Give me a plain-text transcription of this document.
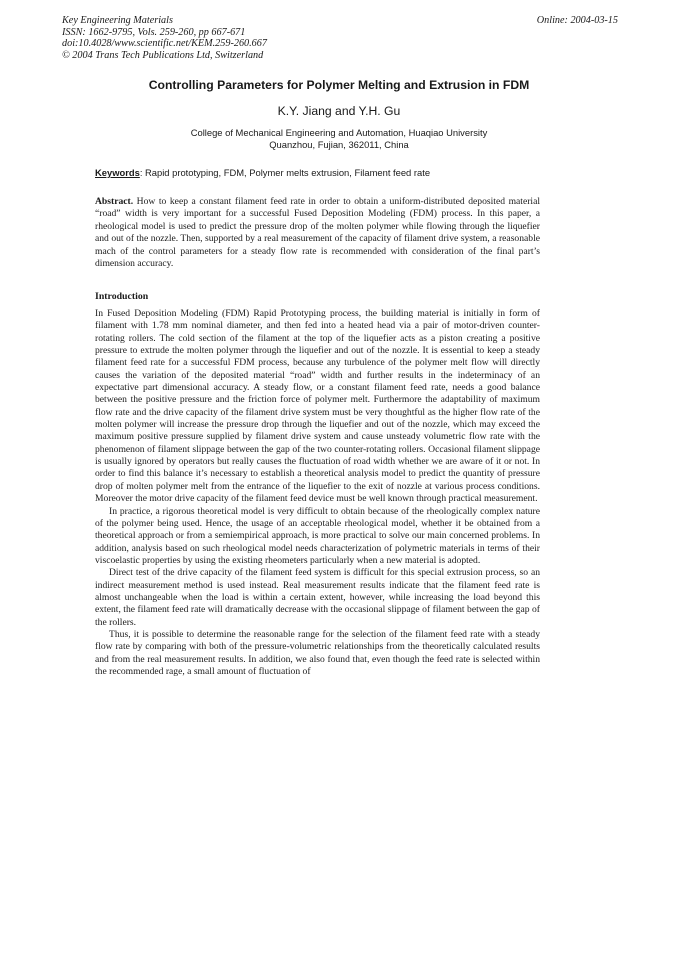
Key Engineering Materials
ISSN: 1662-9795, Vols. 259-260, pp 667-671
doi:10.4028/www.scientific.net/KEM.259-260.667
© 2004 Trans Tech Publications Ltd, Switzerland
Online: 2004-03-15
Controlling Parameters for Polymer Melting and Extrusion in FDM
K.Y. Jiang and Y.H. Gu
College of Mechanical Engineering and Automation, Huaqiao University
Quanzhou, Fujian, 362011, China
Keywords: Rapid prototyping, FDM, Polymer melts extrusion, Filament feed rate
Abstract. How to keep a constant filament feed rate in order to obtain a uniform-distributed deposited material “road” width is very important for a successful Fused Deposition Modeling (FDM) process. In this paper, a rheological model is used to predict the pressure drop of the molten polymer while flowing through the liquefier and out of the nozzle. Then, supported by a real measurement of the capacity of filament drive system, a reasonable mach of the control parameters for a steady flow rate is recommended with consideration of the final part’s dimension accuracy.
Introduction

In Fused Deposition Modeling (FDM) Rapid Prototyping process, the building material is initially in form of filament with 1.78 mm nominal diameter, and then fed into a heated head via a pair of motor-driven counter-rotating rollers. The cold section of the filament at the top of the liquefier acts as a piston creating a positive pressure to extrude the molten polymer through the liquefier and out of the nozzle. It is essential to keep a steady filament feed rate for a successful FDM process, because any turbulence of the polymer melt flow will directly causes the variation of the deposited material “road” width and further results in the indeterminacy of an expectative part dimensional accuracy. A steady flow, or a constant filament feed rate, needs a good balance between the positive pressure and the friction force of polymer melt. Furthermore the adaptability of maximum flow rate and the drive capacity of the filament drive system must be very thoughtful as the higher flow rate of the molten polymer will increase the pressure drop through the liquefier and out of the nozzle, which may exceed the maximum positive pressure supplied by filament drive system and cause unsteady volumetric flow rate with the phenomenon of filament slippage between the gap of the two counter-rotating rollers. Occasional filament slippage is usually ignored by operators but really causes the fluctuation of road width whether we are aware of it or not. In order to find this balance it’s necessary to establish a theoretical analysis model to predict the quantity of pressure drop of molten polymer melt from the entrance of the liquefier to the exit of nozzle at various process conditions. Moreover the motor drive capacity of the filament feed device must be well known through practical measurement.

In practice, a rigorous theoretical model is very difficult to obtain because of the rheologically complex nature of the polymer being used. Hence, the usage of an acceptable rheological model, whether it be obtained from a theoretical approach or from a semiempirical approach, is more practical to solve our main concerned problems. In addition, analysis based on such rheological model needs characterization of polymetric materials in terms of their viscoelastic properties by using the existing rheometers particularly when a new material is adopted.

Direct test of the drive capacity of the filament feed system is difficult for this special extrusion process, so an indirect measurement method is used instead. Real measurement results indicate that the filament feed rate is almost unchangeable when the load is within a certain extent, however, while increasing the load beyond this extent, the filament feed rate will dramatically decrease with the occasional slippage of filament between the gap of the rollers.

Thus, it is possible to determine the reasonable range for the selection of the filament feed rate with a steady flow rate by comparing with both of the pressure-volumetric relationships from the theoretically calculated results and from the real measurement results. In addition, we also found that, even though the feed rate is selected within the recommended rage, a small amount of fluctuation of
